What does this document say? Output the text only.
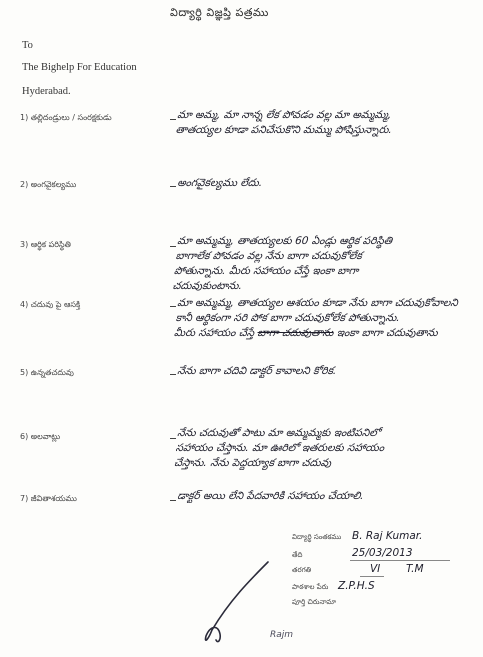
విద్యార్థి విజ్ఞప్తి పత్రము
To
The Bighelp For Education
Hyderabad.
1) తల్లిదండ్రులు / సంరక్షకుడు	మా అమ్మ, మా నాన్న లేక పోవడం వల్ల మా అమ్మమ్మ,
తాతయ్యల కూడా పనిచేసుకొని మమ్ము పోషిస్తున్నారు.
2) అంగవైకల్యము	అంగవైకల్యము లేదు.
3) ఆర్థిక పరిస్థితి	మా అమ్మమ్మ, తాతయ్యలకు 60 ఏండ్లు ఆర్థిక పరిస్థితి
బాగాలేక పోవడం వల్ల నేను బాగా చదువుకోలేక
పోతున్నాను. మీరు సహాయం చేస్తే ఇంకా బాగా
చదువుకుంటాను.
4) చదువు పై ఆసక్తి	మా అమ్మమ్మ, తాతయ్యల ఆశయం కూడా నేను బాగా చదువుకోవాలని
కానీ ఆర్థికంగా సరి పోక బాగా చదువుకోలేక పోతున్నాను.
మీరు సహాయం చేస్తే బాగా చదువుతాను ఇంకా బాగా చదువుతాను
5) ఉన్నతచదువు	నేను బాగా చదివి డాక్టర్ కావాలని కోరిక.
6) అలవాట్లు	నేను చదువుతో పాటు మా అమ్మమ్మకు ఇంటిపనిలో
సహాయం చేస్తాను. మా ఊరిలో ఇతరులకు సహాయం
చేస్తాను. నేను పెద్దయ్యాక బాగా చదువు
7) జీవితాశయము	డాక్టర్ అయి లేని పేదవారికి సహాయం చేయాలి.
విద్యార్థి సంతకము B. Raj Kumar.
తేది	25/03/2013
తరగతి	VI T.M
పాఠశాల పేరు Z.P.H.S
పూర్తి చిరునామా
Rajm
